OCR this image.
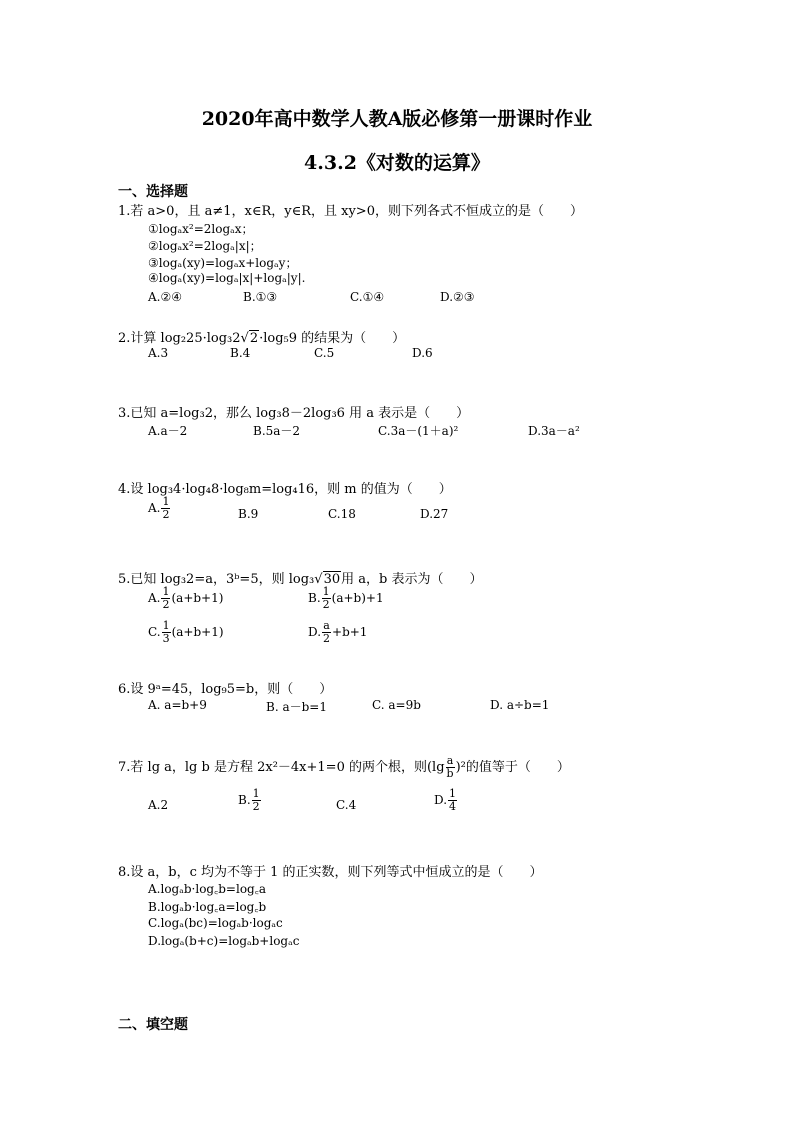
2020年高中数学人教A版必修第一册课时作业
4.3.2《对数的运算》
一、选择题
1.若 a>0，且 a≠1，x∈R，y∈R，且 xy>0，则下列各式不恒成立的是（　　）
①logₐx²=2logₐx；
②logₐx²=2logₐ|x|；
③logₐ(xy)=logₐx+logₐy；
④logₐ(xy)=logₐ|x|+logₐ|y|.
A.②④	B.①③	C.①④	D.②③
2.计算 log₂25·log₃2√2·log₅9 的结果为（　　）
A.3	B.4	C.5	D.6
3.已知 a=log₃2，那么 log₃8－2log₃6 用 a 表示是（　　）
A.a－2	B.5a－2	C.3a－(1＋a)²	D.3a－a²
4.设 log₃4·log₄8·log₈m=log₄16，则 m 的值为（　　）
A. $\frac{1}{2}$	B.9	C.18	D.27
5.已知 log₃2=a，3ᵇ=5，则 log₃√30用 a，b 表示为（　　）
A. $\frac{1}{2} (a+b+1)$	B. $\frac{1}{2} (a+b)+1$
C. $\frac{1}{3} (a+b+1)$	D. $\frac{a}{2} +b+1$
6.设 9ᵃ=45，log₉5=b，则（　　）
A. a=b+9	B. a－b=1	C. a=9b	D. a÷b=1
7.若 lg a，lg b 是方程 2x²－4x+1=0 的两个根，则$(\lg \frac{a}{b} )^2$的值等于（　　）
A.2	B. $\frac{1}{2}$	C.4	D. $\frac{1}{4}$
8.设 a，b，c 均为不等于 1 的正实数，则下列等式中恒成立的是（　　）
A.logₐb·log꜀b=log꜀a
B.logₐb·log꜀a=log꜀b
C.logₐ(bc)=logₐb·logₐc
D.logₐ(b+c)=logₐb+logₐc
二、填空题
